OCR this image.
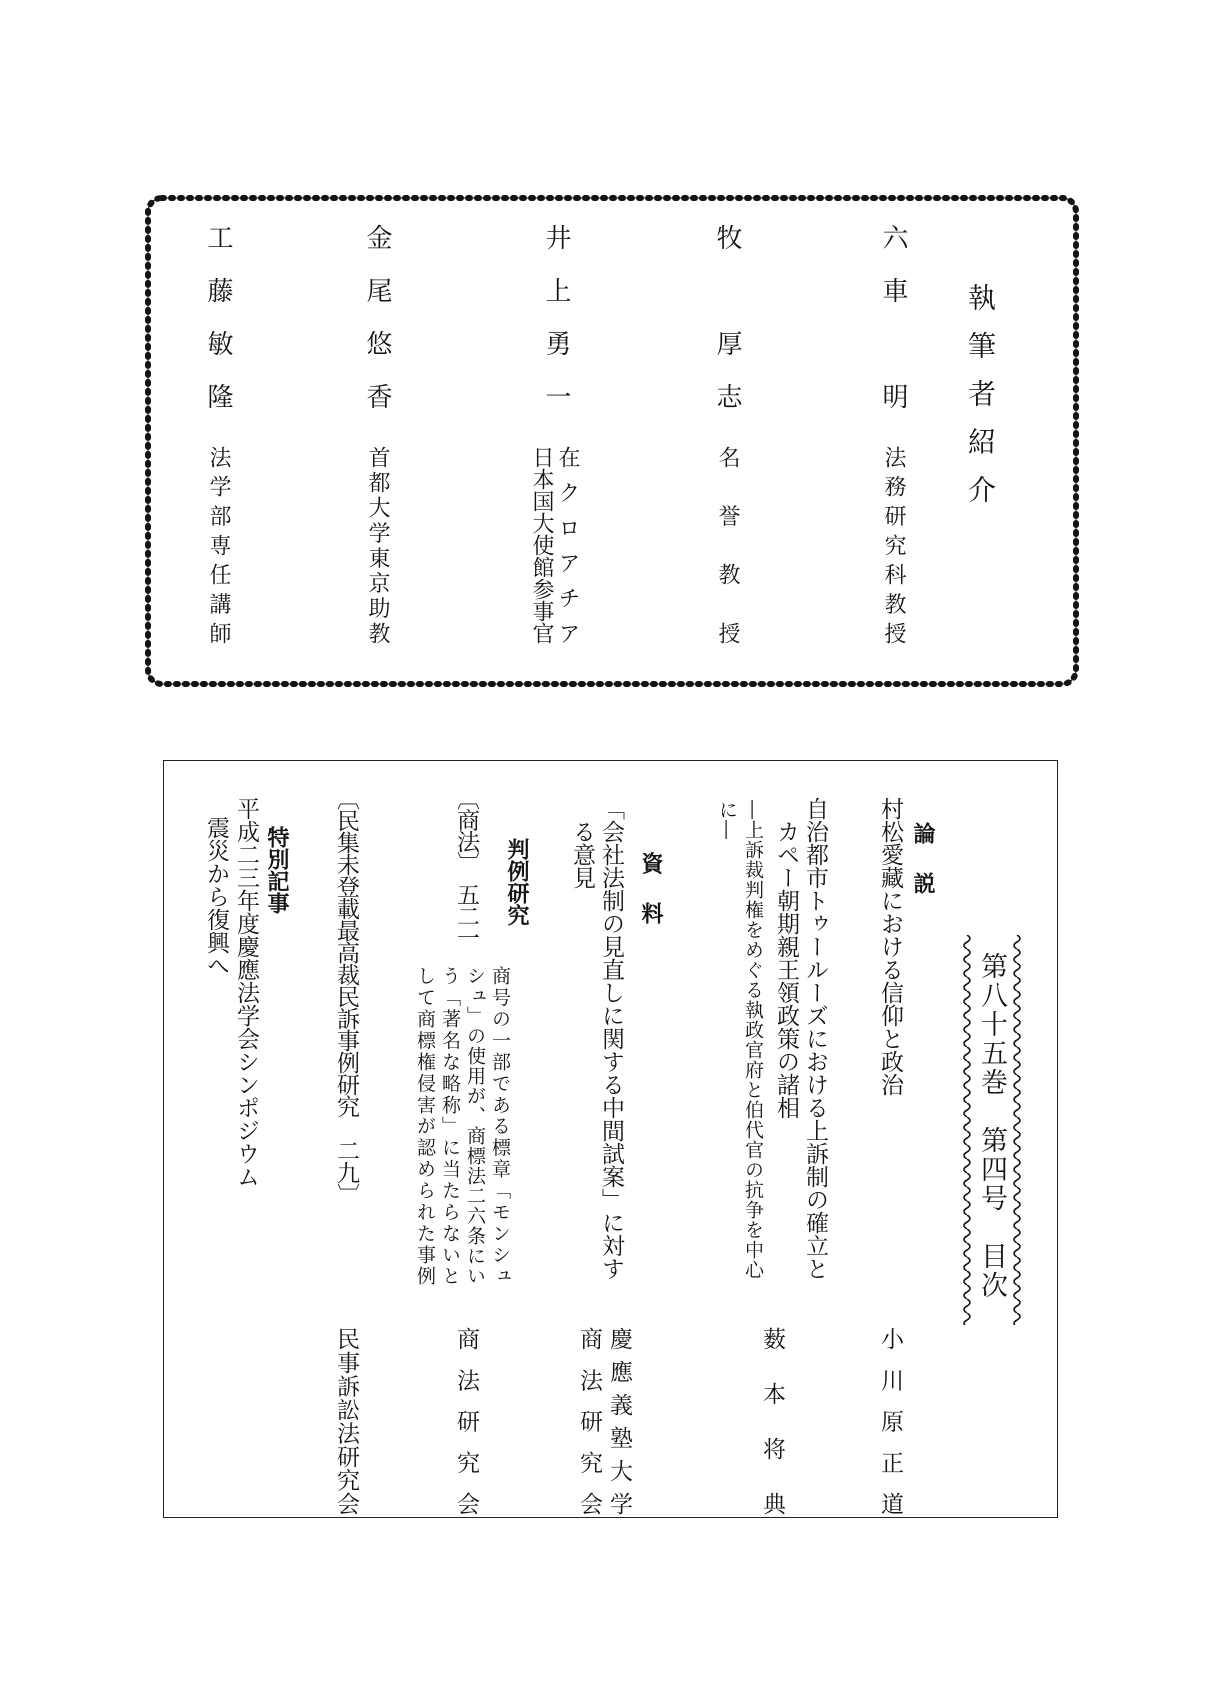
執筆者紹介
六車　明
法務研究科教授
牧　厚志
名誉教授
井上勇一
在クロアチア
日本国大使館参事官
金尾悠香
首都大学東京助教
工藤敏隆
法学部専任講師
第八十五巻　第四号　目次
論　説
村松愛藏における信仰と政治
小川原正道
自治都市トゥールーズにおける上訴制の確立と
カペー朝期親王領政策の諸相
―上訴裁判権をめぐる執政官府と伯代官の抗争を中心
に―
薮本将典
資　料
「会社法制の見直しに関する中間試案」に対す
る意見
慶應義塾大学
商法研究会
判例研究
〔商法〕　五二一
商号の一部である標章「モンシュ
シュ」の使用が、商標法二六条にい
う「著名な略称」に当たらないと
して商標権侵害が認められた事例
商法研究会
〔民集未登載最高裁民訴事例研究　二九〕
民事訴訟法研究会
特別記事
平成二三年度慶應法学会シンポジウム
震災から復興へ
